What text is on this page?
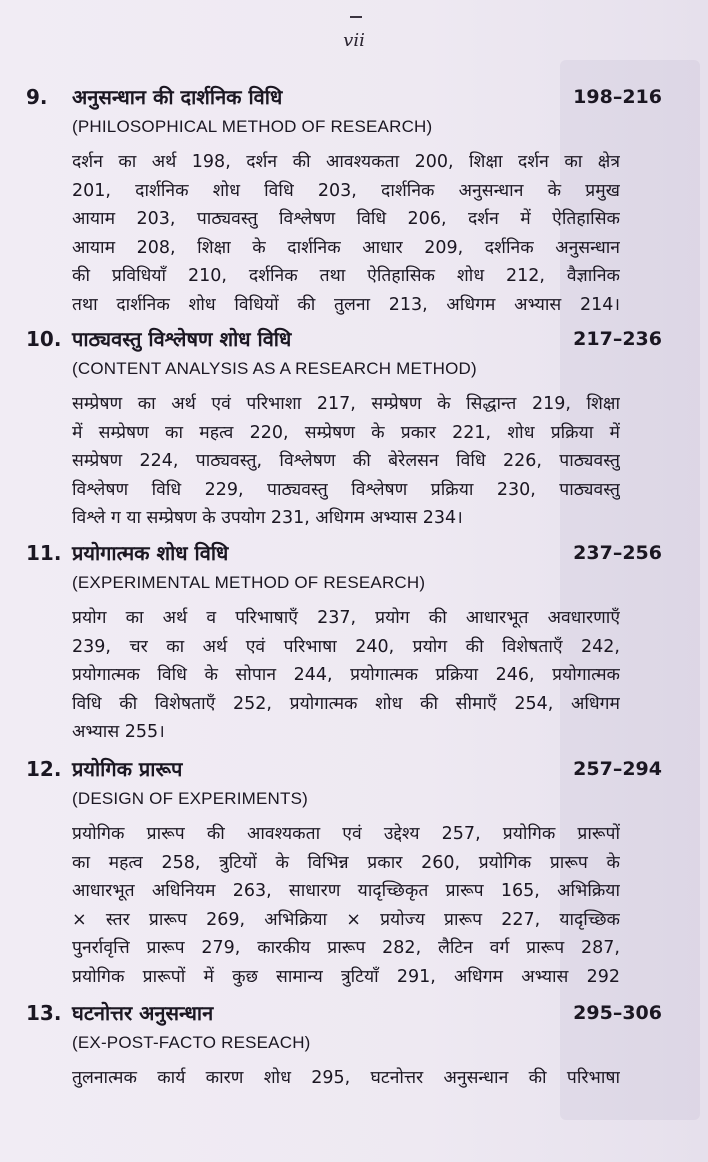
vii
9. अनुसन्धान की दार्शनिक विधि	198–216
(PHILOSOPHICAL METHOD OF RESEARCH)
दर्शन का अर्थ 198, दर्शन की आवश्यकता 200, शिक्षा दर्शन का क्षेत्र
201, दार्शनिक शोध विधि 203, दार्शनिक अनुसन्धान के प्रमुख
आयाम 203, पाठ्यवस्तु विश्लेषण विधि 206, दर्शन में ऐतिहासिक
आयाम 208, शिक्षा के दार्शनिक आधार 209, दर्शनिक अनुसन्धान
की प्रविधियाँ 210, दर्शनिक तथा ऐतिहासिक शोध 212, वैज्ञानिक
तथा दार्शनिक शोध विधियों की तुलना 213, अधिगम अभ्यास 214।
10. पाठ्यवस्तु विश्लेषण शोध विधि	217–236
(CONTENT ANALYSIS AS A RESEARCH METHOD)
सम्प्रेषण का अर्थ एवं परिभाशा 217, सम्प्रेषण के सिद्धान्त 219, शिक्षा
में सम्प्रेषण का महत्व 220, सम्प्रेषण के प्रकार 221, शोध प्रक्रिया में
सम्प्रेषण 224, पाठ्यवस्तु, विश्लेषण की बेरेलसन विधि 226, पाठ्यवस्तु
विश्लेषण विधि 229, पाठ्यवस्तु विश्लेषण प्रक्रिया 230, पाठ्यवस्तु
विश्ले ग या सम्प्रेषण के उपयोग 231, अधिगम अभ्यास 234।
11. प्रयोगात्मक शोध विधि	237–256
(EXPERIMENTAL METHOD OF RESEARCH)
प्रयोग का अर्थ व परिभाषाएँ 237, प्रयोग की आधारभूत अवधारणाएँ
239, चर का अर्थ एवं परिभाषा 240, प्रयोग की विशेषताएँ 242,
प्रयोगात्मक विधि के सोपान 244, प्रयोगात्मक प्रक्रिया 246, प्रयोगात्मक
विधि की विशेषताएँ 252, प्रयोगात्मक शोध की सीमाएँ 254, अधिगम
अभ्यास 255।
12. प्रयोगिक प्रारूप	257–294
(DESIGN OF EXPERIMENTS)
प्रयोगिक प्रारूप की आवश्यकता एवं उद्देश्य 257, प्रयोगिक प्रारूपों
का महत्व 258, त्रुटियों के विभिन्न प्रकार 260, प्रयोगिक प्रारूप के
आधारभूत अधिनियम 263, साधारण यादृच्छिकृत प्रारूप 165, अभिक्रिया
× स्तर प्रारूप 269, अभिक्रिया × प्रयोज्य प्रारूप 227, यादृच्छिक
पुनर्रावृत्ति प्रारूप 279, कारकीय प्रारूप 282, लैटिन वर्ग प्रारूप 287,
प्रयोगिक प्रारूपों में कुछ सामान्य त्रुटियाँ 291, अधिगम अभ्यास 292
13. घटनोत्तर अनुसन्धान	295–306
(EX-POST-FACTO RESEACH)
तुलनात्मक कार्य कारण शोध 295, घटनोत्तर अनुसन्धान की परिभाषा
